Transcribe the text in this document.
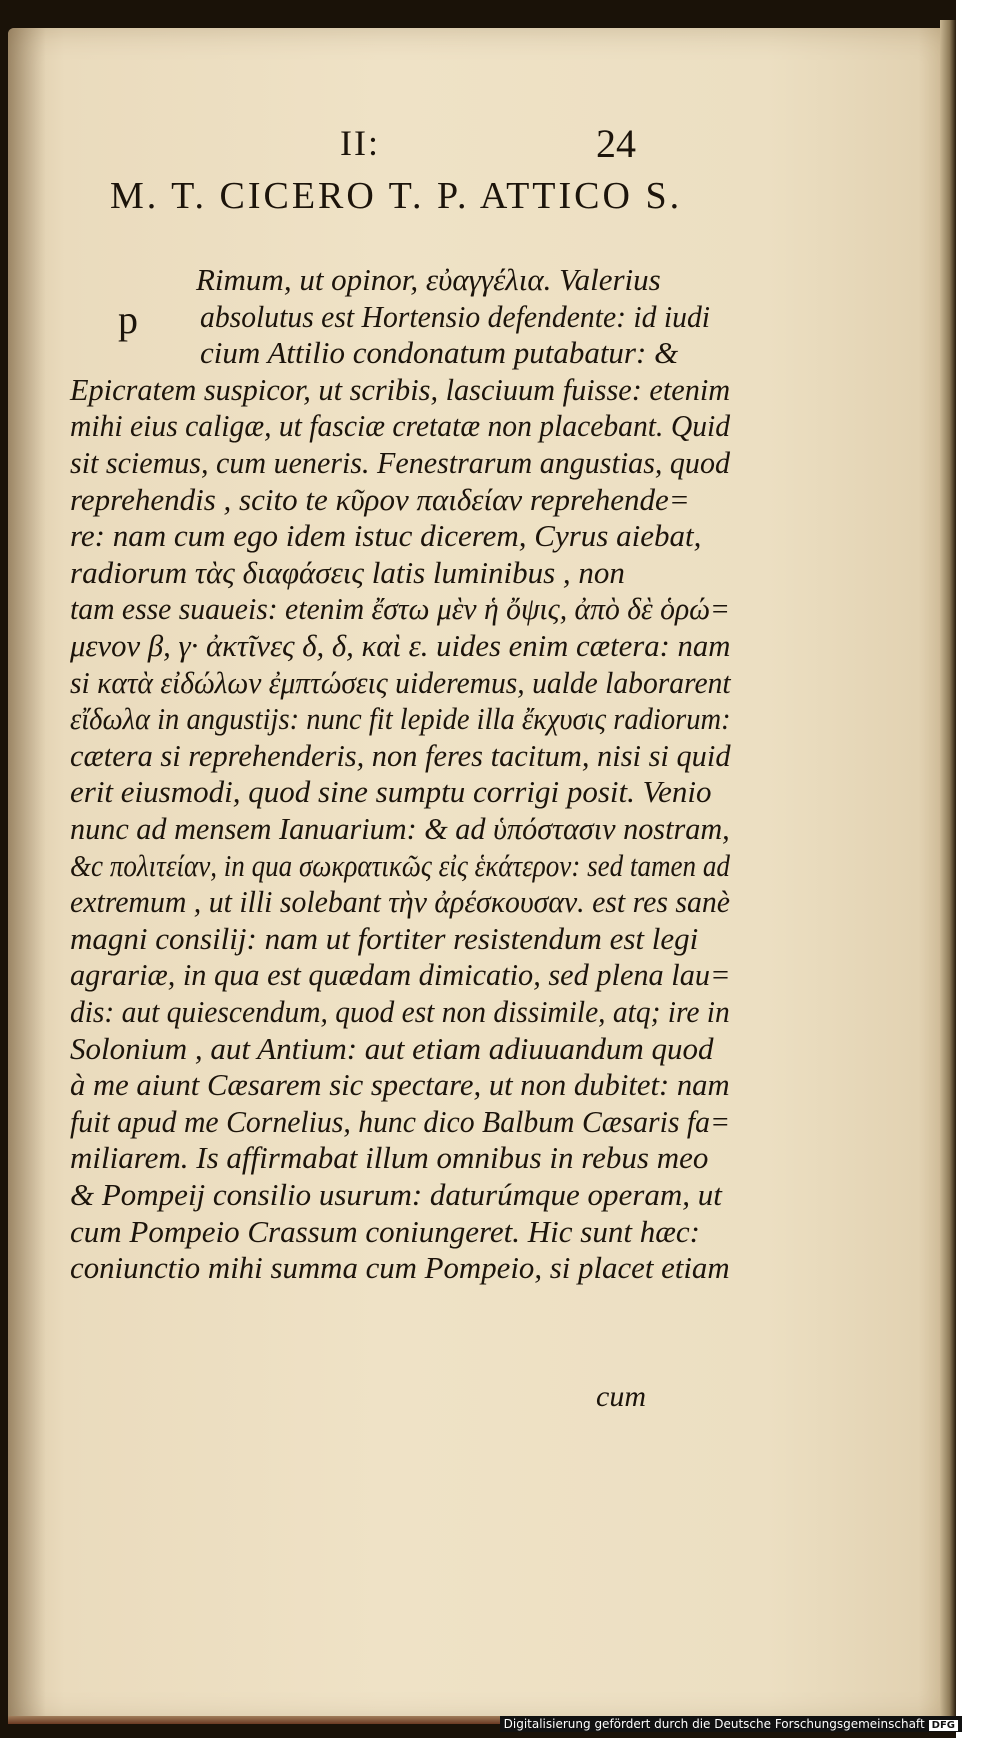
II:	24
M. T. CICERO T. P. ATTICO S.
p
Rimum, ut opinor, εὐαγγέλια. Valerius
absolutus est Hortensio defendente: id iudi
cium Attilio condonatum putabatur: &
Epicratem suspicor, ut scribis, lasciuum fuisse: etenim
mihi eius caligæ, ut fasciæ cretatæ non placebant. Quid
sit sciemus, cum ueneris. Fenestrarum angustias, quod
reprehendis , scito te κῦρον παιδείαν reprehende=
re: nam cum ego idem istuc dicerem, Cyrus aiebat,
radiorum τὰς διαφάσεις latis luminibus , non
tam esse suaueis: etenim ἔστω μὲν ἡ ὄψις, ἀπὸ δὲ ὁρώ=
μενον β, γ· ἀκτῖνες δ, δ, καὶ ε. uides enim cætera: nam
si κατὰ εἰδώλων ἐμπτώσεις uideremus, ualde laborarent
εἴδωλα in angustijs: nunc fit lepide illa ἔκχυσις radiorum:
cætera si reprehenderis, non feres tacitum, nisi si quid
erit eiusmodi, quod sine sumptu corrigi posit. Venio
nunc ad mensem Ianuarium: & ad ὑπόστασιν nostram,
&c πολιτείαν, in qua σωκρατικῶς εἰς ἑκάτερον: sed tamen ad
extremum , ut illi solebant τὴν ἀρέσκουσαν. est res sanè
magni consilij: nam ut fortiter resistendum est legi
agrariæ, in qua est quædam dimicatio, sed plena lau=
dis: aut quiescendum, quod est non dissimile, atq; ire in
Solonium , aut Antium: aut etiam adiuuandum quod
à me aiunt Cæsarem sic spectare, ut non dubitet: nam
fuit apud me Cornelius, hunc dico Balbum Cæsaris fa=
miliarem. Is affirmabat illum omnibus in rebus meo
& Pompeij consilio usurum: daturúmque operam, ut
cum Pompeio Crassum coniungeret. Hic sunt hæc:
coniunctio mihi summa cum Pompeio, si placet etiam
cum
Digitalisierung gefördert durch die Deutsche Forschungsgemeinschaft DFG
